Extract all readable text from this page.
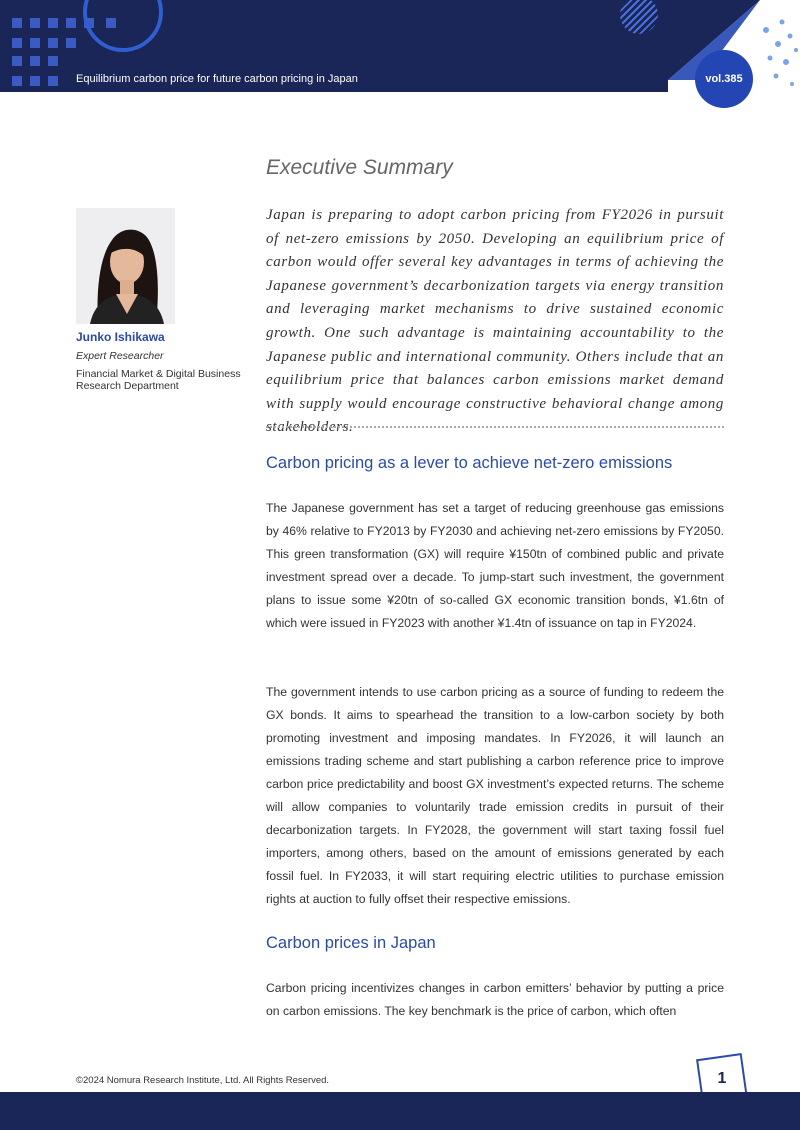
Equilibrium carbon price for future carbon pricing in Japan	vol.385
Junko Ishikawa
Expert Researcher
Financial Market & Digital Business Research Department
Executive Summary
Japan is preparing to adopt carbon pricing from FY2026 in pursuit of net-zero emissions by 2050. Developing an equilibrium price of carbon would offer several key advantages in terms of achieving the Japanese government’s decarbonization targets via energy transition and leveraging market mechanisms to drive sustained economic growth. One such advantage is maintaining accountability to the Japanese public and international community. Others include that an equilibrium price that balances carbon emissions market demand with supply would encourage constructive behavioral change among stakeholders.
Carbon pricing as a lever to achieve net-zero emissions
The Japanese government has set a target of reducing greenhouse gas emissions by 46% relative to FY2013 by FY2030 and achieving net-zero emissions by FY2050. This green transformation (GX) will require ¥150tn of combined public and private investment spread over a decade. To jump-start such investment, the government plans to issue some ¥20tn of so-called GX economic transition bonds, ¥1.6tn of which were issued in FY2023 with another ¥1.4tn of issuance on tap in FY2024.
The government intends to use carbon pricing as a source of funding to redeem the GX bonds. It aims to spearhead the transition to a low-carbon society by both promoting investment and imposing mandates. In FY2026, it will launch an emissions trading scheme and start publishing a carbon reference price to improve carbon price predictability and boost GX investment’s expected returns. The scheme will allow companies to voluntarily trade emission credits in pursuit of their decarbonization targets. In FY2028, the government will start taxing fossil fuel importers, among others, based on the amount of emissions generated by each fossil fuel. In FY2033, it will start requiring electric utilities to purchase emission rights at auction to fully offset their respective emissions.
Carbon prices in Japan
Carbon pricing incentivizes changes in carbon emitters’ behavior by putting a price on carbon emissions. The key benchmark is the price of carbon, which often
©2024 Nomura Research Institute, Ltd. All Rights Reserved.	1
